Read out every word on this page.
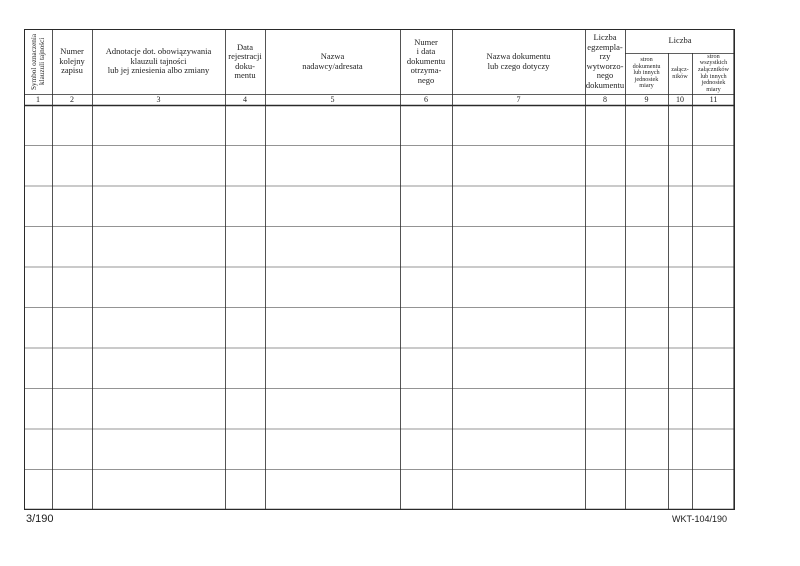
Symbol oznaczenia
klauzuli tajności
1
Numer
kolejny
zapisu
2
Adnotacje dot. obowiązywania
klauzuli tajności
lub jej zniesienia albo zmiany
3
Data
rejestracji
doku-
mentu
4
Nazwa
nadawcy/adresata
5
Numer
i data
dokumentu
otrzyma-
nego
6
Nazwa dokumentu
lub czego dotyczy
7
Liczba
egzempla-
rzy
wytworzo-
nego
dokumentu
8
stron
dokumentu
lub innych
jednostek
miary
9
załącz-
ników
10
stron
wszystkich
załączników
lub innych
jednostek
miary
11
Liczba
3/190	WKT-104/190
